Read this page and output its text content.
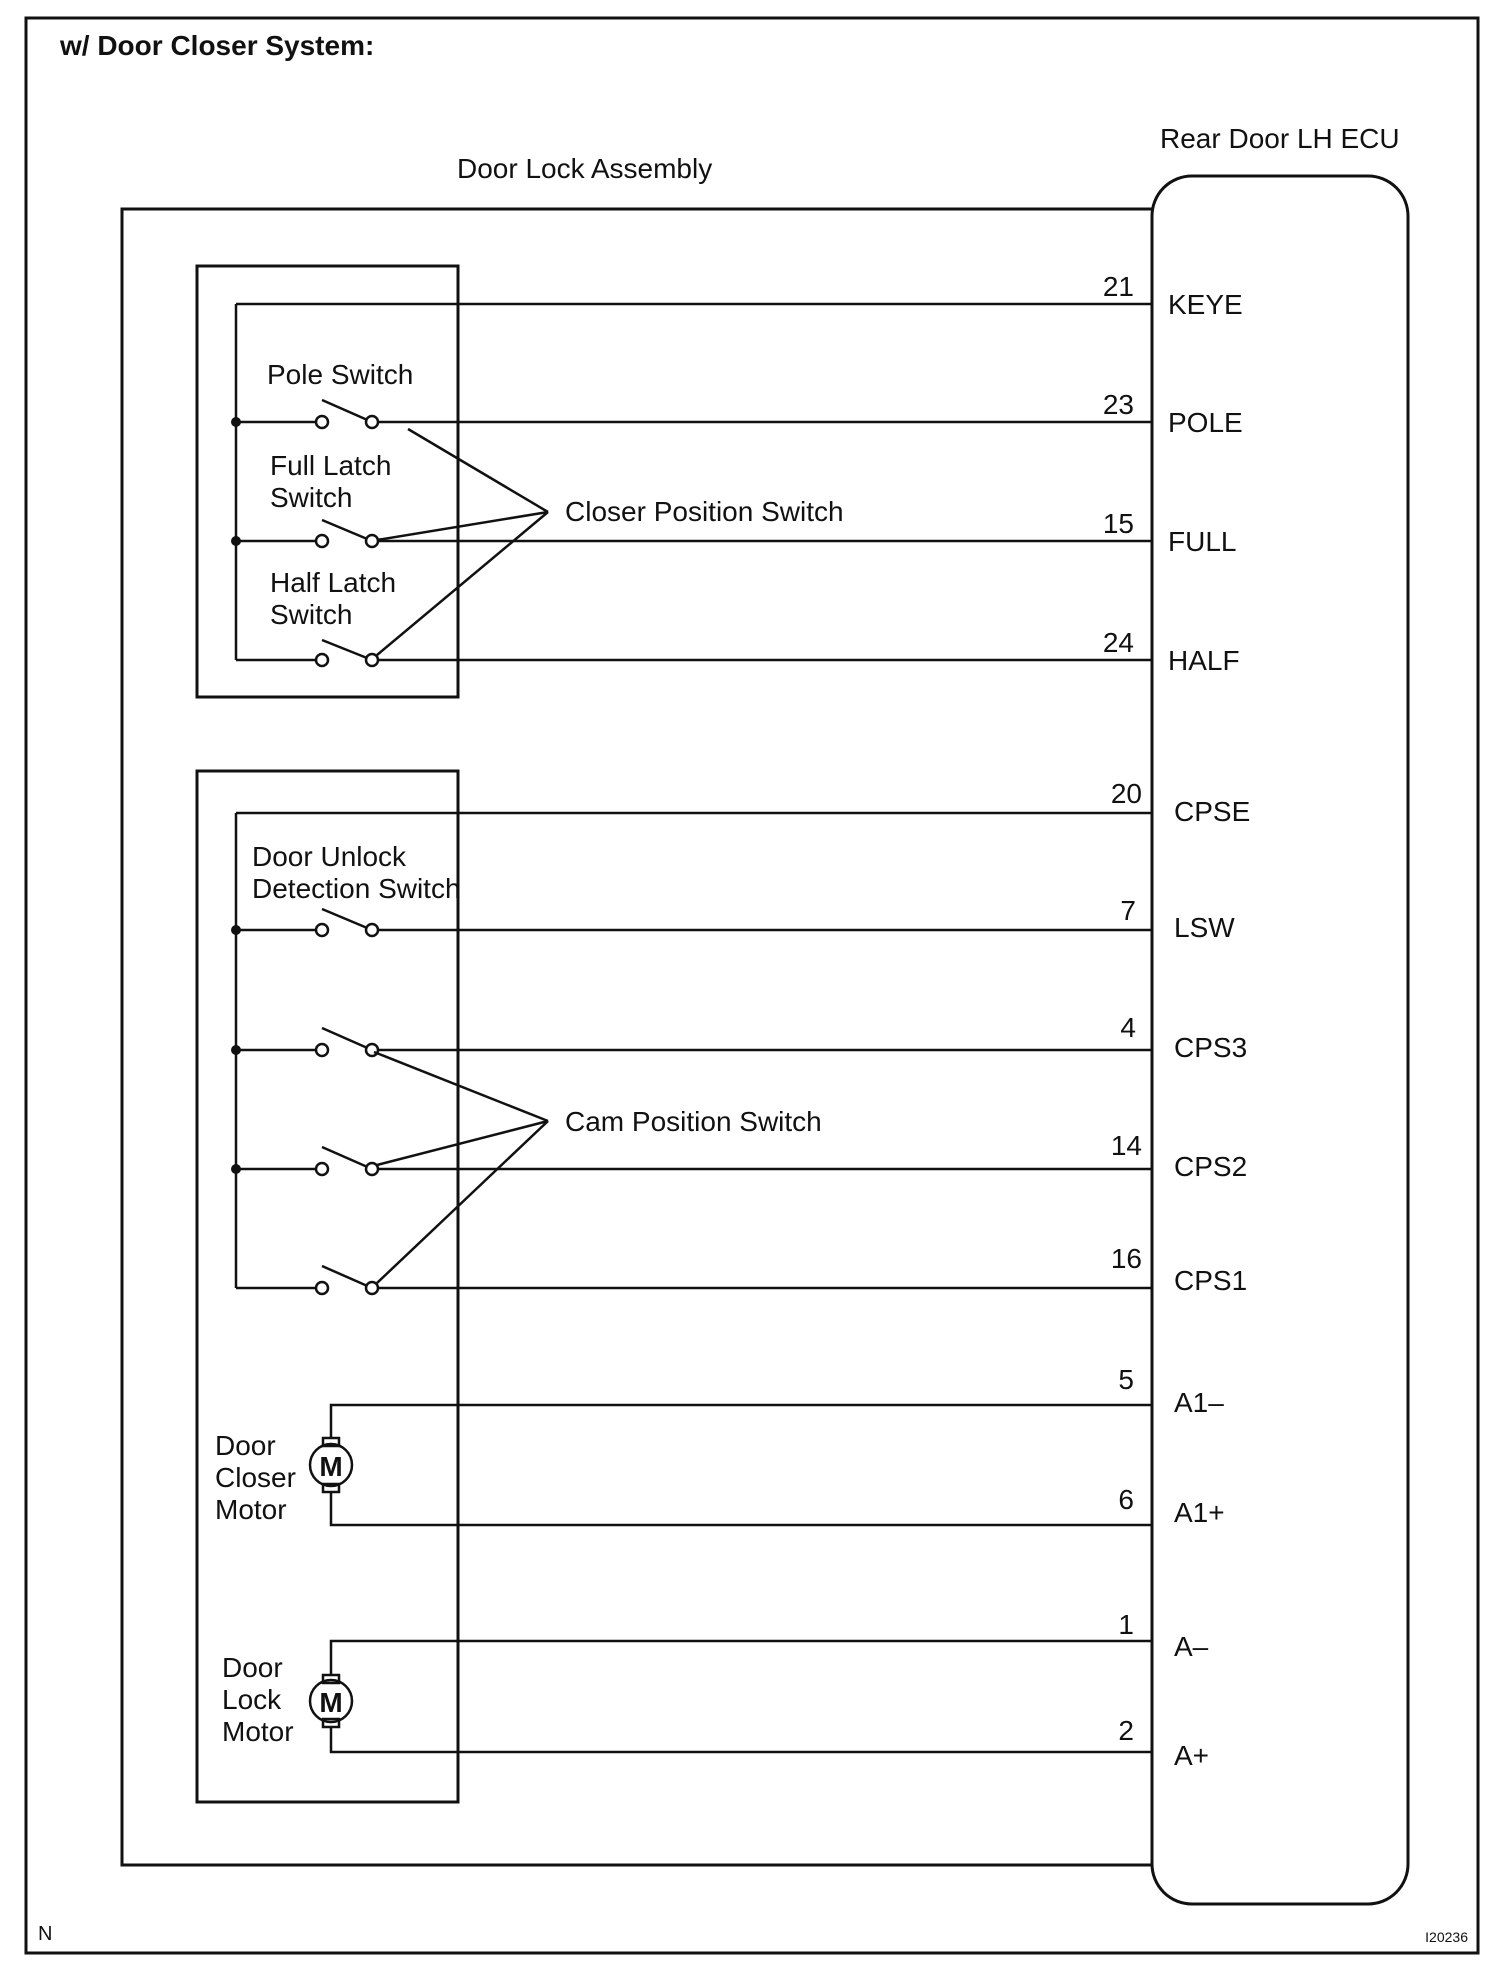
w/ Door Closer System:
Rear Door LH ECU
Door Lock Assembly
Pole Switch
Full Latch
Switch
Half Latch
Switch
Closer Position Switch
Door Unlock
Detection Switch
Cam Position Switch
M
Door
Closer
Motor
M
Door
Lock
Motor
21
KEYE
23
POLE
15
FULL
24
HALF
20
CPSE
7
LSW
4
CPS3
14
CPS2
16
CPS1
5
A1–
6 A1+
1
A–
2
A+
N	I20236
